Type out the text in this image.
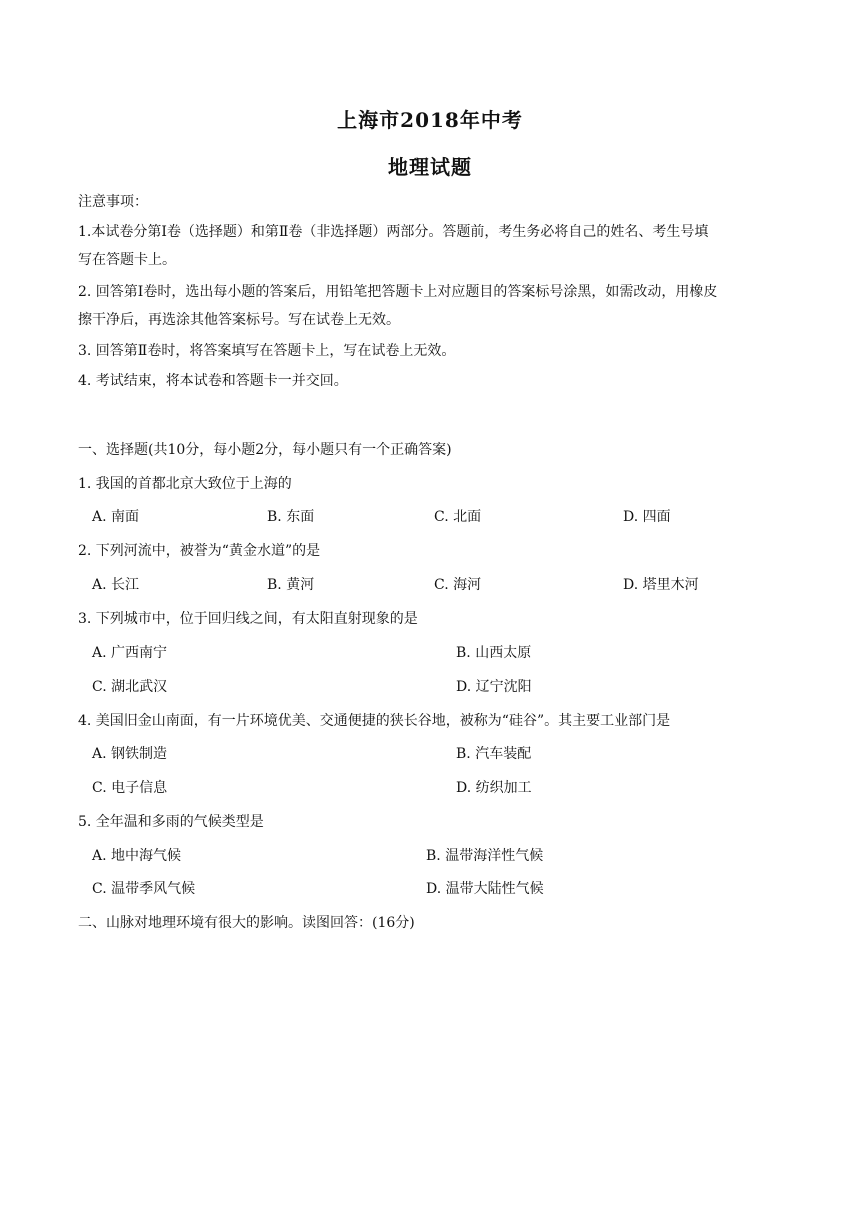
上海市2018年中考
地理试题
注意事项：
1.本试卷分第Ⅰ卷（选择题）和第Ⅱ卷（非选择题）两部分。答题前，考生务必将自己的姓名、考生号填
写在答题卡上。
2. 回答第Ⅰ卷时，选出每小题的答案后，用铅笔把答题卡上对应题目的答案标号涂黑，如需改动，用橡皮
擦干净后，再选涂其他答案标号。写在试卷上无效。
3. 回答第Ⅱ卷时，将答案填写在答题卡上，写在试卷上无效。
4. 考试结束，将本试卷和答题卡一并交回。
一、选择题(共10分，每小题2分，每小题只有一个正确答案)
1. 我国的首都北京大致位于上海的
A. 南面	B. 东面	C. 北面	D. 四面
2. 下列河流中，被誉为“黄金水道”的是
A. 长江	B. 黄河	C. 海河	D. 塔里木河
3. 下列城市中，位于回归线之间，有太阳直射现象的是
A. 广西南宁	B. 山西太原
C. 湖北武汉	D. 辽宁沈阳
4. 美国旧金山南面，有一片环境优美、交通便捷的狭长谷地，被称为“硅谷”。其主要工业部门是
A. 钢铁制造	B. 汽车装配
C. 电子信息	D. 纺织加工
5. 全年温和多雨的气候类型是
A. 地中海气候	B. 温带海洋性气候
C. 温带季风气候	D. 温带大陆性气候
二、山脉对地理环境有很大的影响。读图回答：(16分)
